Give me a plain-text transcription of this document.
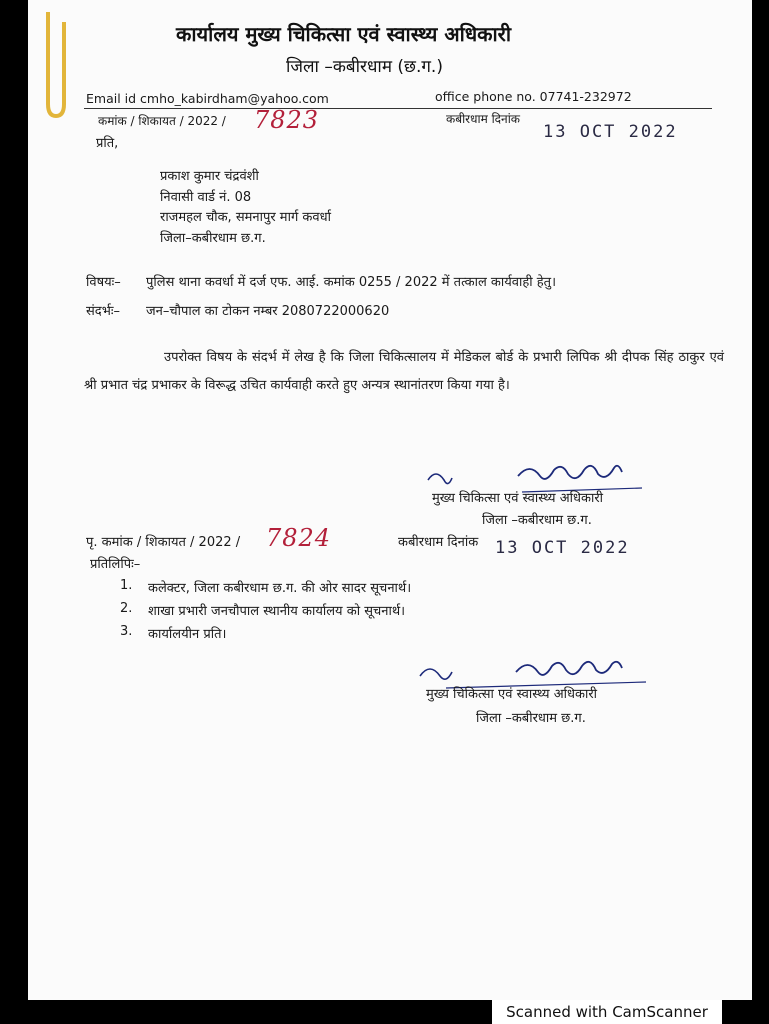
कार्यालय मुख्य चिकित्सा एवं स्वास्थ्य अधिकारी
जिला –कबीरधाम (छ.ग.)
Email id cmho_kabirdham@yahoo.com	office phone no. 07741-232972
कमांक / शिकायत / 2022 / 7823	कबीरधाम दिनांक
13 OCT 2022
प्रति,
प्रकाश कुमार चंद्रवंशी
निवासी वार्ड नं. 08
राजमहल चौक, समनापुर मार्ग कवर्धा
जिला–कबीरधाम छ.ग.
विषयः– पुलिस थाना कवर्धा में दर्ज एफ. आई. कमांक 0255 / 2022 में तत्काल कार्यवाही हेतु।
संदर्भः– जन–चौपाल का टोकन नम्बर 2080722000620
उपरोक्त विषय के संदर्भ में लेख है कि जिला चिकित्सालय में मेडिकल बोर्ड के प्रभारी लिपिक श्री दीपक सिंह ठाकुर एवं श्री प्रभात चंद्र प्रभाकर के विरूद्ध उचित कार्यवाही करते हुए अन्यत्र स्थानांतरण किया गया है।
मुख्य चिकित्सा एवं स्वास्थ्य अधिकारी
जिला –कबीरधाम छ.ग.
पृ. कमांक / शिकायत / 2022 / 7824	कबीरधाम दिनांक 13 OCT 2022
प्रतिलिपिः–
1. कलेक्टर, जिला कबीरधाम छ.ग. की ओर सादर सूचनार्थ।
2. शाखा प्रभारी जनचौपाल स्थानीय कार्यालय को सूचनार्थ।
3. कार्यालयीन प्रति।
मुख्य चिकित्सा एवं स्वास्थ्य अधिकारी
जिला –कबीरधाम छ.ग.
Scanned with CamScanner
